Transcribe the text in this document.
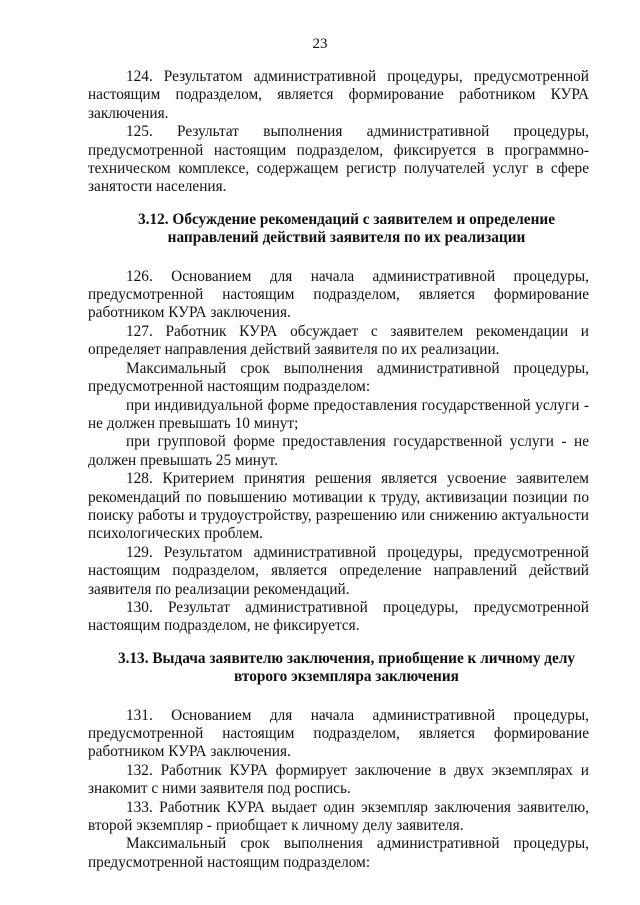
23

124. Результатом административной процедуры, предусмотренной настоящим подразделом, является формирование работником КУРА заключения.

125. Результат выполнения административной процедуры, предусмотренной настоящим подразделом, фиксируется в программно-техническом комплексе, содержащем регистр получателей услуг в сфере занятости населения.

3.12. Обсуждение рекомендаций с заявителем и определение направлений действий заявителя по их реализации

126. Основанием для начала административной процедуры, предусмотренной настоящим подразделом, является формирование работником КУРА заключения.

127. Работник КУРА обсуждает с заявителем рекомендации и определяет направления действий заявителя по их реализации.

Максимальный срок выполнения административной процедуры, предусмотренной настоящим подразделом:

при индивидуальной форме предоставления государственной услуги - не должен превышать 10 минут;

при групповой форме предоставления государственной услуги - не должен превышать 25 минут.

128. Критерием принятия решения является усвоение заявителем рекомендаций по повышению мотивации к труду, активизации позиции по поиску работы и трудоустройству, разрешению или снижению актуальности психологических проблем.

129. Результатом административной процедуры, предусмотренной настоящим подразделом, является определение направлений действий заявителя по реализации рекомендаций.

130. Результат административной процедуры, предусмотренной настоящим подразделом, не фиксируется.

3.13. Выдача заявителю заключения, приобщение к личному делу второго экземпляра заключения

131. Основанием для начала административной процедуры, предусмотренной настоящим подразделом, является формирование работником КУРА заключения.

132. Работник КУРА формирует заключение в двух экземплярах и знакомит с ними заявителя под роспись.

133. Работник КУРА выдает один экземпляр заключения заявителю, второй экземпляр - приобщает к личному делу заявителя.

Максимальный срок выполнения административной процедуры, предусмотренной настоящим подразделом:
